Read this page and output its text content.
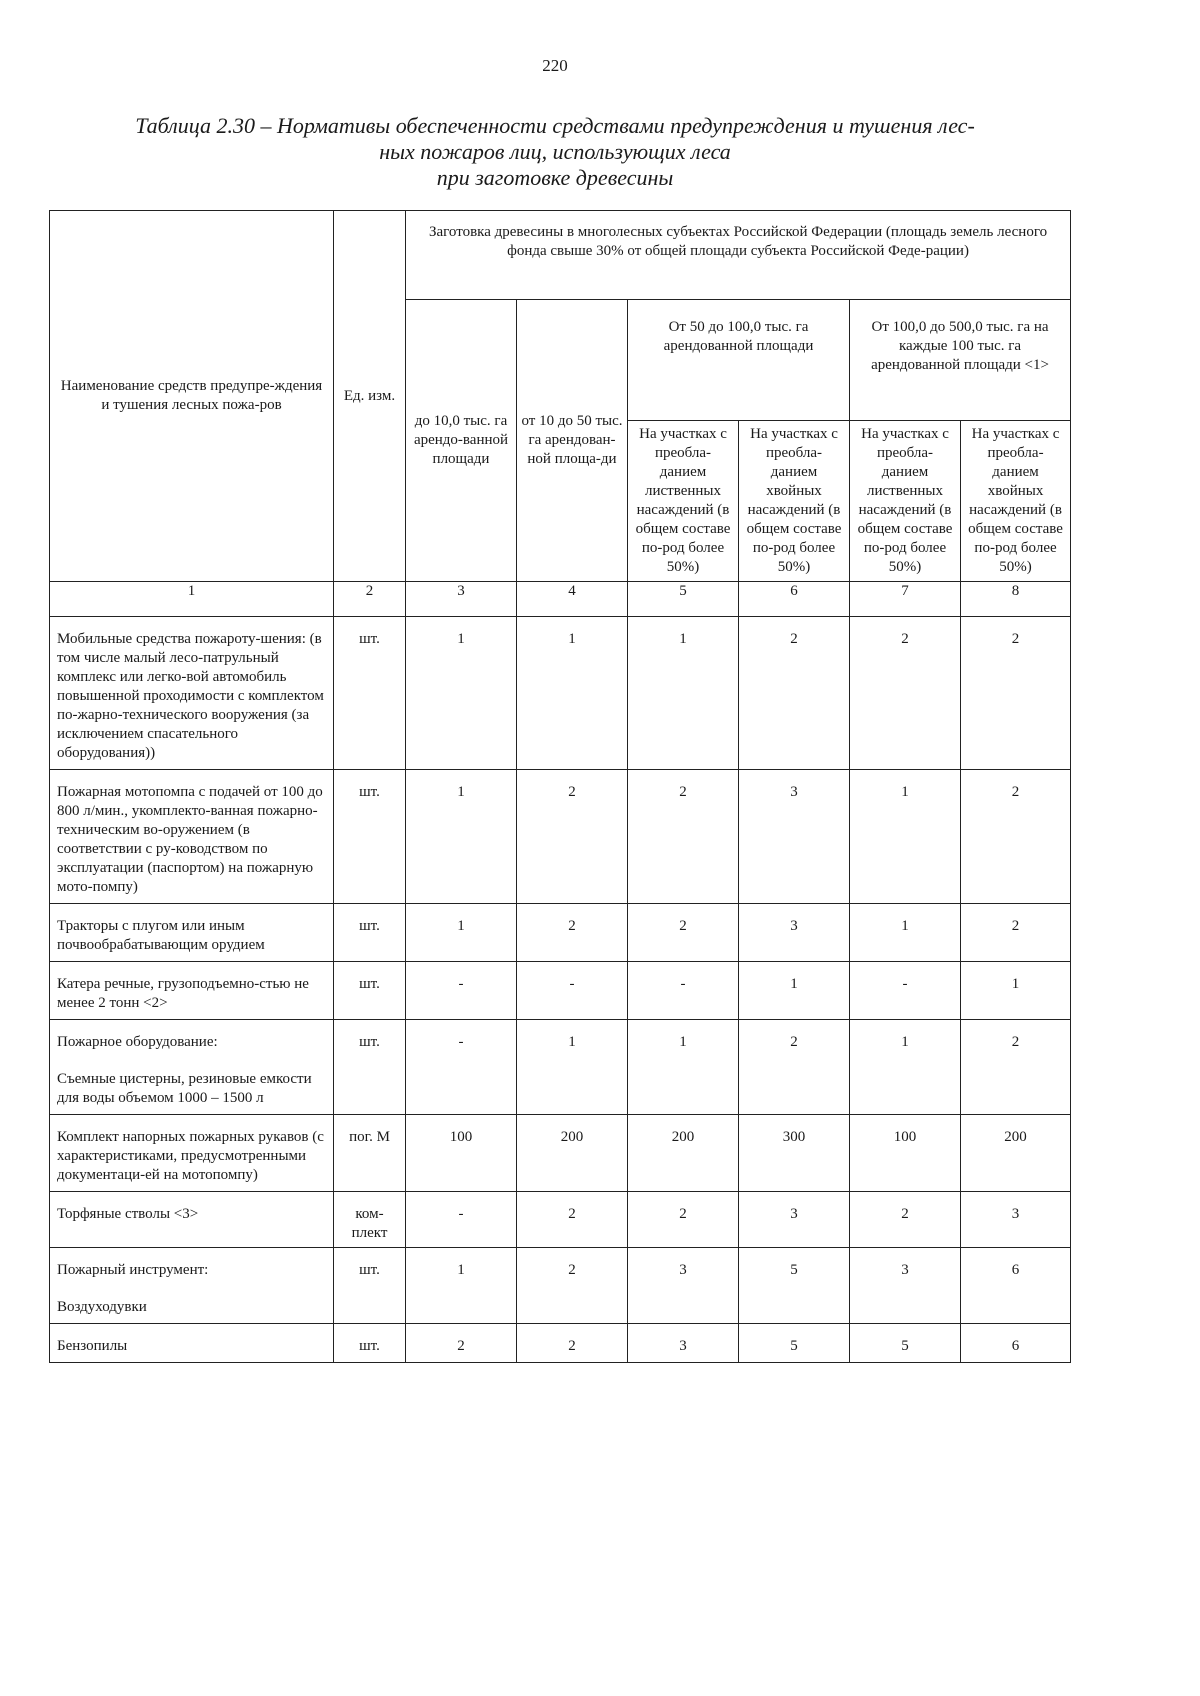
220
Таблица 2.30 – Нормативы обеспеченности средствами предупреждения и тушения лес-
ных пожаров лиц, использующих леса
при заготовке древесины
Наименование средств предупре-ждения и тушения лесных пожа-ров	Ед. изм.	Заготовка древесины в многолесных субъектах Российской Федерации (площадь земель лесного фонда свыше 30% от общей площади субъекта Российской Феде-рации)					
		до 10,0 тыс. га арендо-ванной площади	от 10 до 50 тыс. га арендован-ной площа-ди	От 50 до 100,0 тыс. га арендованной площади		От 100,0 до 500,0 тыс. га на каждые 100 тыс. га арендованной площади <1>	
				На участках с преобла-данием лиственных насаждений (в общем составе по-род более 50%)	На участках с преобла-данием хвойных насаждений (в общем составе по-род более 50%)	На участках с преобла-данием лиственных насаждений (в общем составе по-род более 50%)	На участках с преобла-данием хвойных насаждений (в общем составе по-род более 50%)
1	2	3	4	5	6	7	8

Мобильные средства пожароту-шения: (в том числе малый лесо-патрульный комплекс или легко-вой автомобиль повышенной проходимости с комплектом по-жарно-технического вооружения (за исключением спасательного оборудования))	шт.	1	1	1	2	2	2

Пожарная мотопомпа с подачей от 100 до 800 л/мин., укомплекто-ванная пожарно-техническим во-оружением (в соответствии с ру-ководством по эксплуатации (паспортом) на пожарную мото-помпу)	шт.	1	2	2	3	1	2

Тракторы с плугом или иным почвообрабатывающим орудием	шт.	1	2	2	3	1	2

Катера речные, грузоподъемно-стью не менее 2 тонн <2>	шт.	-	-	-	1	-	1

Пожарное оборудование:
Съемные цистерны, резиновые емкости для воды объемом 1000 – 1500 л	шт.	-	1	1	2	1	2

Комплект напорных пожарных рукавов (с характеристиками, предусмотренными документаци-ей на мотопомпу)	пог. М	100	200	200	300	100	200

Торфяные стволы <3>	ком-плект	-	2	2	3	2	3

Пожарный инструмент:
Воздуходувки	шт.	1	2	3	5	3	6

Бензопилы	шт.	2	2	3	5	5	6
